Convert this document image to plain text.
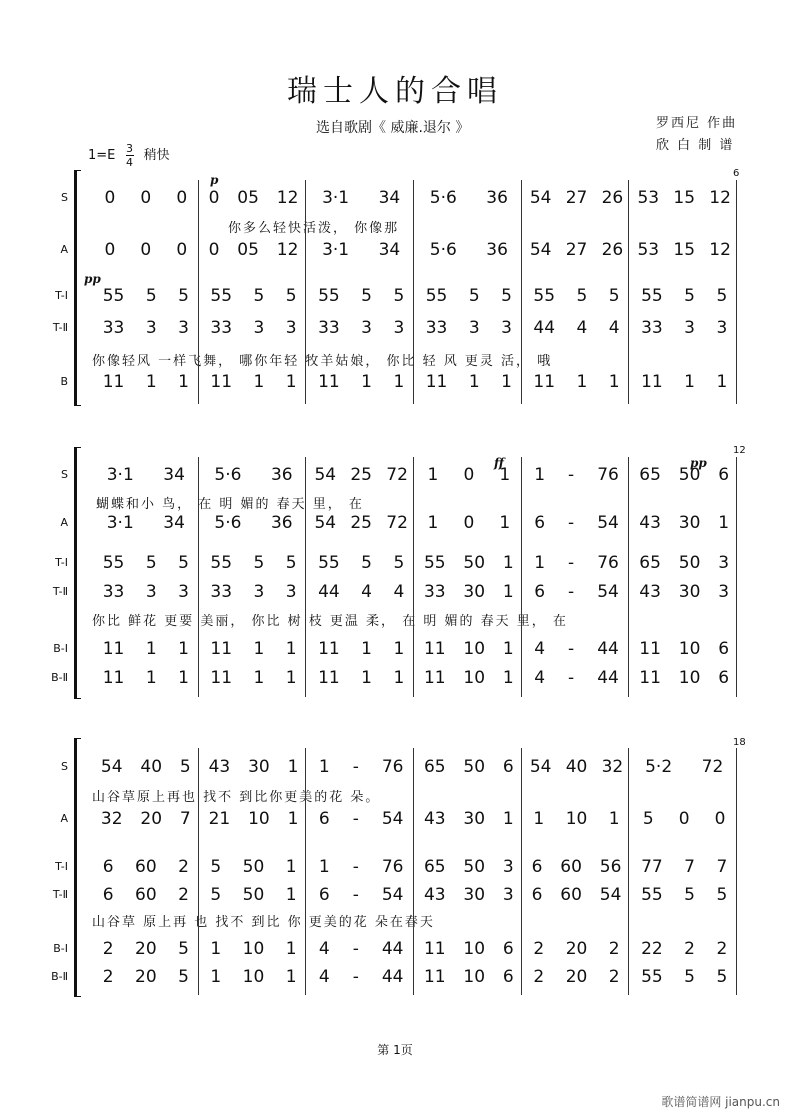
瑞士人的合唱
选自歌剧《 威廉.退尔 》	罗西尼 作曲
欣 白 制 谱
$1=E \frac{3}{4}$ 稍快
6
p
pp
你多么轻快活泼， 你像那
你像轻风 一样飞舞， 哪你年轻 牧羊姑娘， 你比 轻 风 更灵 活， 哦
S 0 0 0 0 05 12 3·1 34 5·6 36 54 27 26 53 15 12
A 0 0 0 0 05 12 3·1 34 5·6 36 54 27 26 53 15 12
T-Ⅰ 55 5 5 55 5 5 55 5 5 55 5 5 55 5 5 55 5 5
T-Ⅱ 33 3 3 33 3 3 33 3 3 33 3 3 44 4 4 33 3 3
B 11 1 1 11 1 1 11 1 1 11 1 1 11 1 1 11 1 1
12
ff	pp
蝴蝶和小 鸟， 在 明 媚的 春天 里， 在
你比 鲜花 更要 美丽， 你比 树 枝 更温 柔， 在 明 媚的 春天 里， 在
S 3·1 34 5·6 36 54 25 72 1 0 1 1 - 76 65 50 6
A 3·1 34 5·6 36 54 25 72 1 0 1 6 - 54 43 30 1
T-Ⅰ 55 5 5 55 5 5 55 5 5 55 50 1 1 - 76 65 50 3
T-Ⅱ 33 3 3 33 3 3 44 4 4 33 30 1 6 - 54 43 30 3
B-Ⅰ 11 1 1 11 1 1 11 1 1 11 10 1 4 - 44 11 10 6
B-Ⅱ 11 1 1 11 1 1 11 1 1 11 10 1 4 - 44 11 10 6
18
山谷草原上再也 找不 到比你更美的花 朵。
山谷草 原上再 也 找不 到比 你 更美的花 朵在春天
S 54 40 5 43 30 1 1 - 76 65 50 6 54 40 32 5·2 72
A 32 20 7 21 10 1 6 - 54 43 30 1 1 10 1 5 0 0
T-Ⅰ 6 60 2 5 50 1 1 - 76 65 50 3 6 60 56 77 7 7
T-Ⅱ 6 60 2 5 50 1 6 - 54 43 30 3 6 60 54 55 5 5
B-Ⅰ 2 20 5 1 10 1 4 - 44 11 10 6 2 20 2 22 2 2
B-Ⅱ 2 20 5 1 10 1 4 - 44 11 10 6 2 20 2 55 5 5
第 1页
歌谱简谱网 jianpu.cn
